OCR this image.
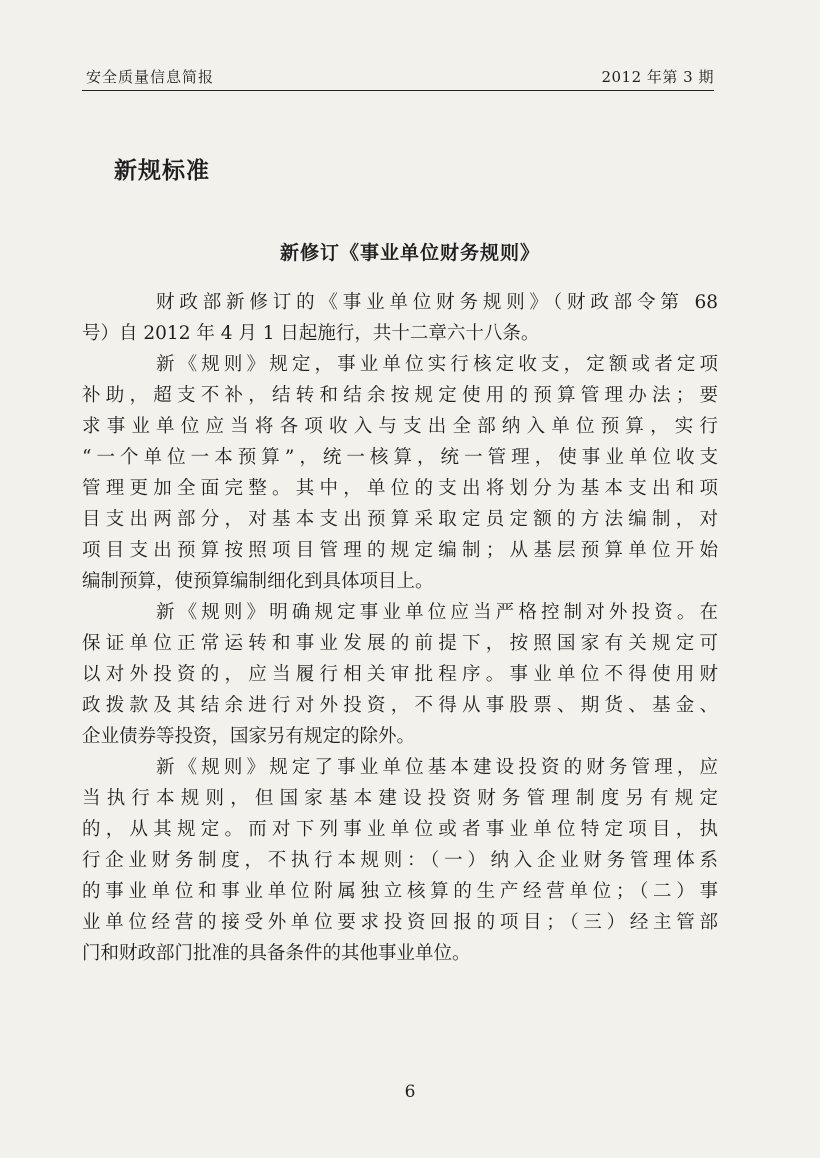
安全质量信息简报	2012 年第 3 期
新规标准
新修订《事业单位财务规则》
财政部新修订的《事业单位财务规则》（财政部令第 68
号）自 2012 年 4 月 1 日起施行，共十二章六十八条。
新《规则》规定，事业单位实行核定收支，定额或者定项
补助，超支不补，结转和结余按规定使用的预算管理办法；要
求事业单位应当将各项收入与支出全部纳入单位预算，实行
“一个单位一本预算”，统一核算，统一管理，使事业单位收支
管理更加全面完整。其中，单位的支出将划分为基本支出和项
目支出两部分，对基本支出预算采取定员定额的方法编制，对
项目支出预算按照项目管理的规定编制；从基层预算单位开始
编制预算，使预算编制细化到具体项目上。
新《规则》明确规定事业单位应当严格控制对外投资。在
保证单位正常运转和事业发展的前提下，按照国家有关规定可
以对外投资的，应当履行相关审批程序。事业单位不得使用财
政拨款及其结余进行对外投资，不得从事股票、期货、基金、
企业债券等投资，国家另有规定的除外。
新《规则》规定了事业单位基本建设投资的财务管理，应
当执行本规则，但国家基本建设投资财务管理制度另有规定
的，从其规定。而对下列事业单位或者事业单位特定项目，执
行企业财务制度，不执行本规则：（一）纳入企业财务管理体系
的事业单位和事业单位附属独立核算的生产经营单位；（二）事
业单位经营的接受外单位要求投资回报的项目；（三）经主管部
门和财政部门批准的具备条件的其他事业单位。
6
